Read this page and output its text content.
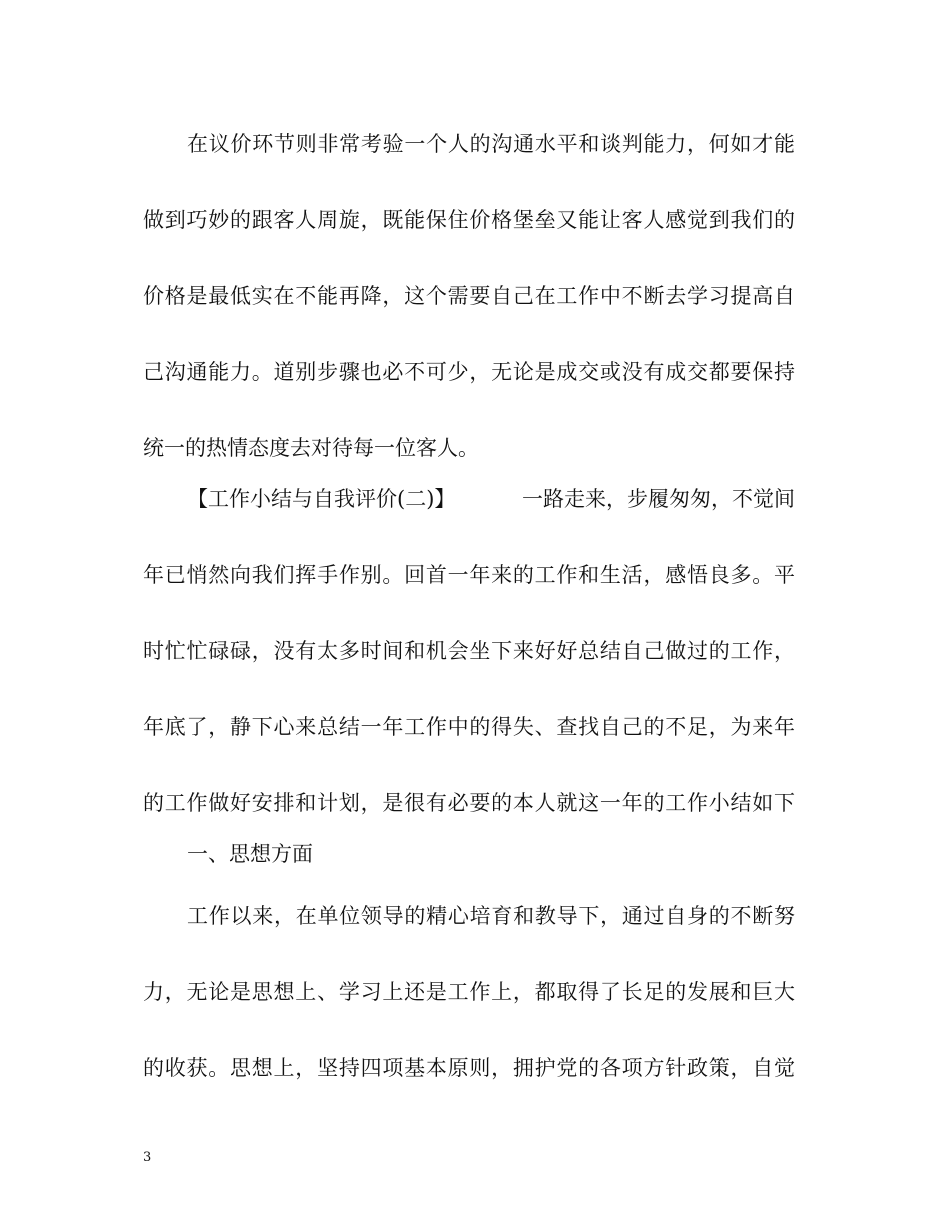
在议价环节则非常考验一个人的沟通水平和谈判能力，何如才能
做到巧妙的跟客人周旋，既能保住价格堡垒又能让客人感觉到我们的
价格是最低实在不能再降，这个需要自己在工作中不断去学习提高自
己沟通能力。道别步骤也必不可少，无论是成交或没有成交都要保持
统一的热情态度去对待每一位客人。
【工作小结与自我评价(二)】	一路走来，步履匆匆，不觉间
年已悄然向我们挥手作别。回首一年来的工作和生活，感悟良多。平
时忙忙碌碌，没有太多时间和机会坐下来好好总结自己做过的工作，
年底了，静下心来总结一年工作中的得失、查找自己的不足，为来年
的工作做好安排和计划，是很有必要的本人就这一年的工作小结如下
一、思想方面
工作以来，在单位领导的精心培育和教导下，通过自身的不断努
力，无论是思想上、学习上还是工作上，都取得了长足的发展和巨大
的收获。思想上，坚持四项基本原则，拥护党的各项方针政策，自觉
3
